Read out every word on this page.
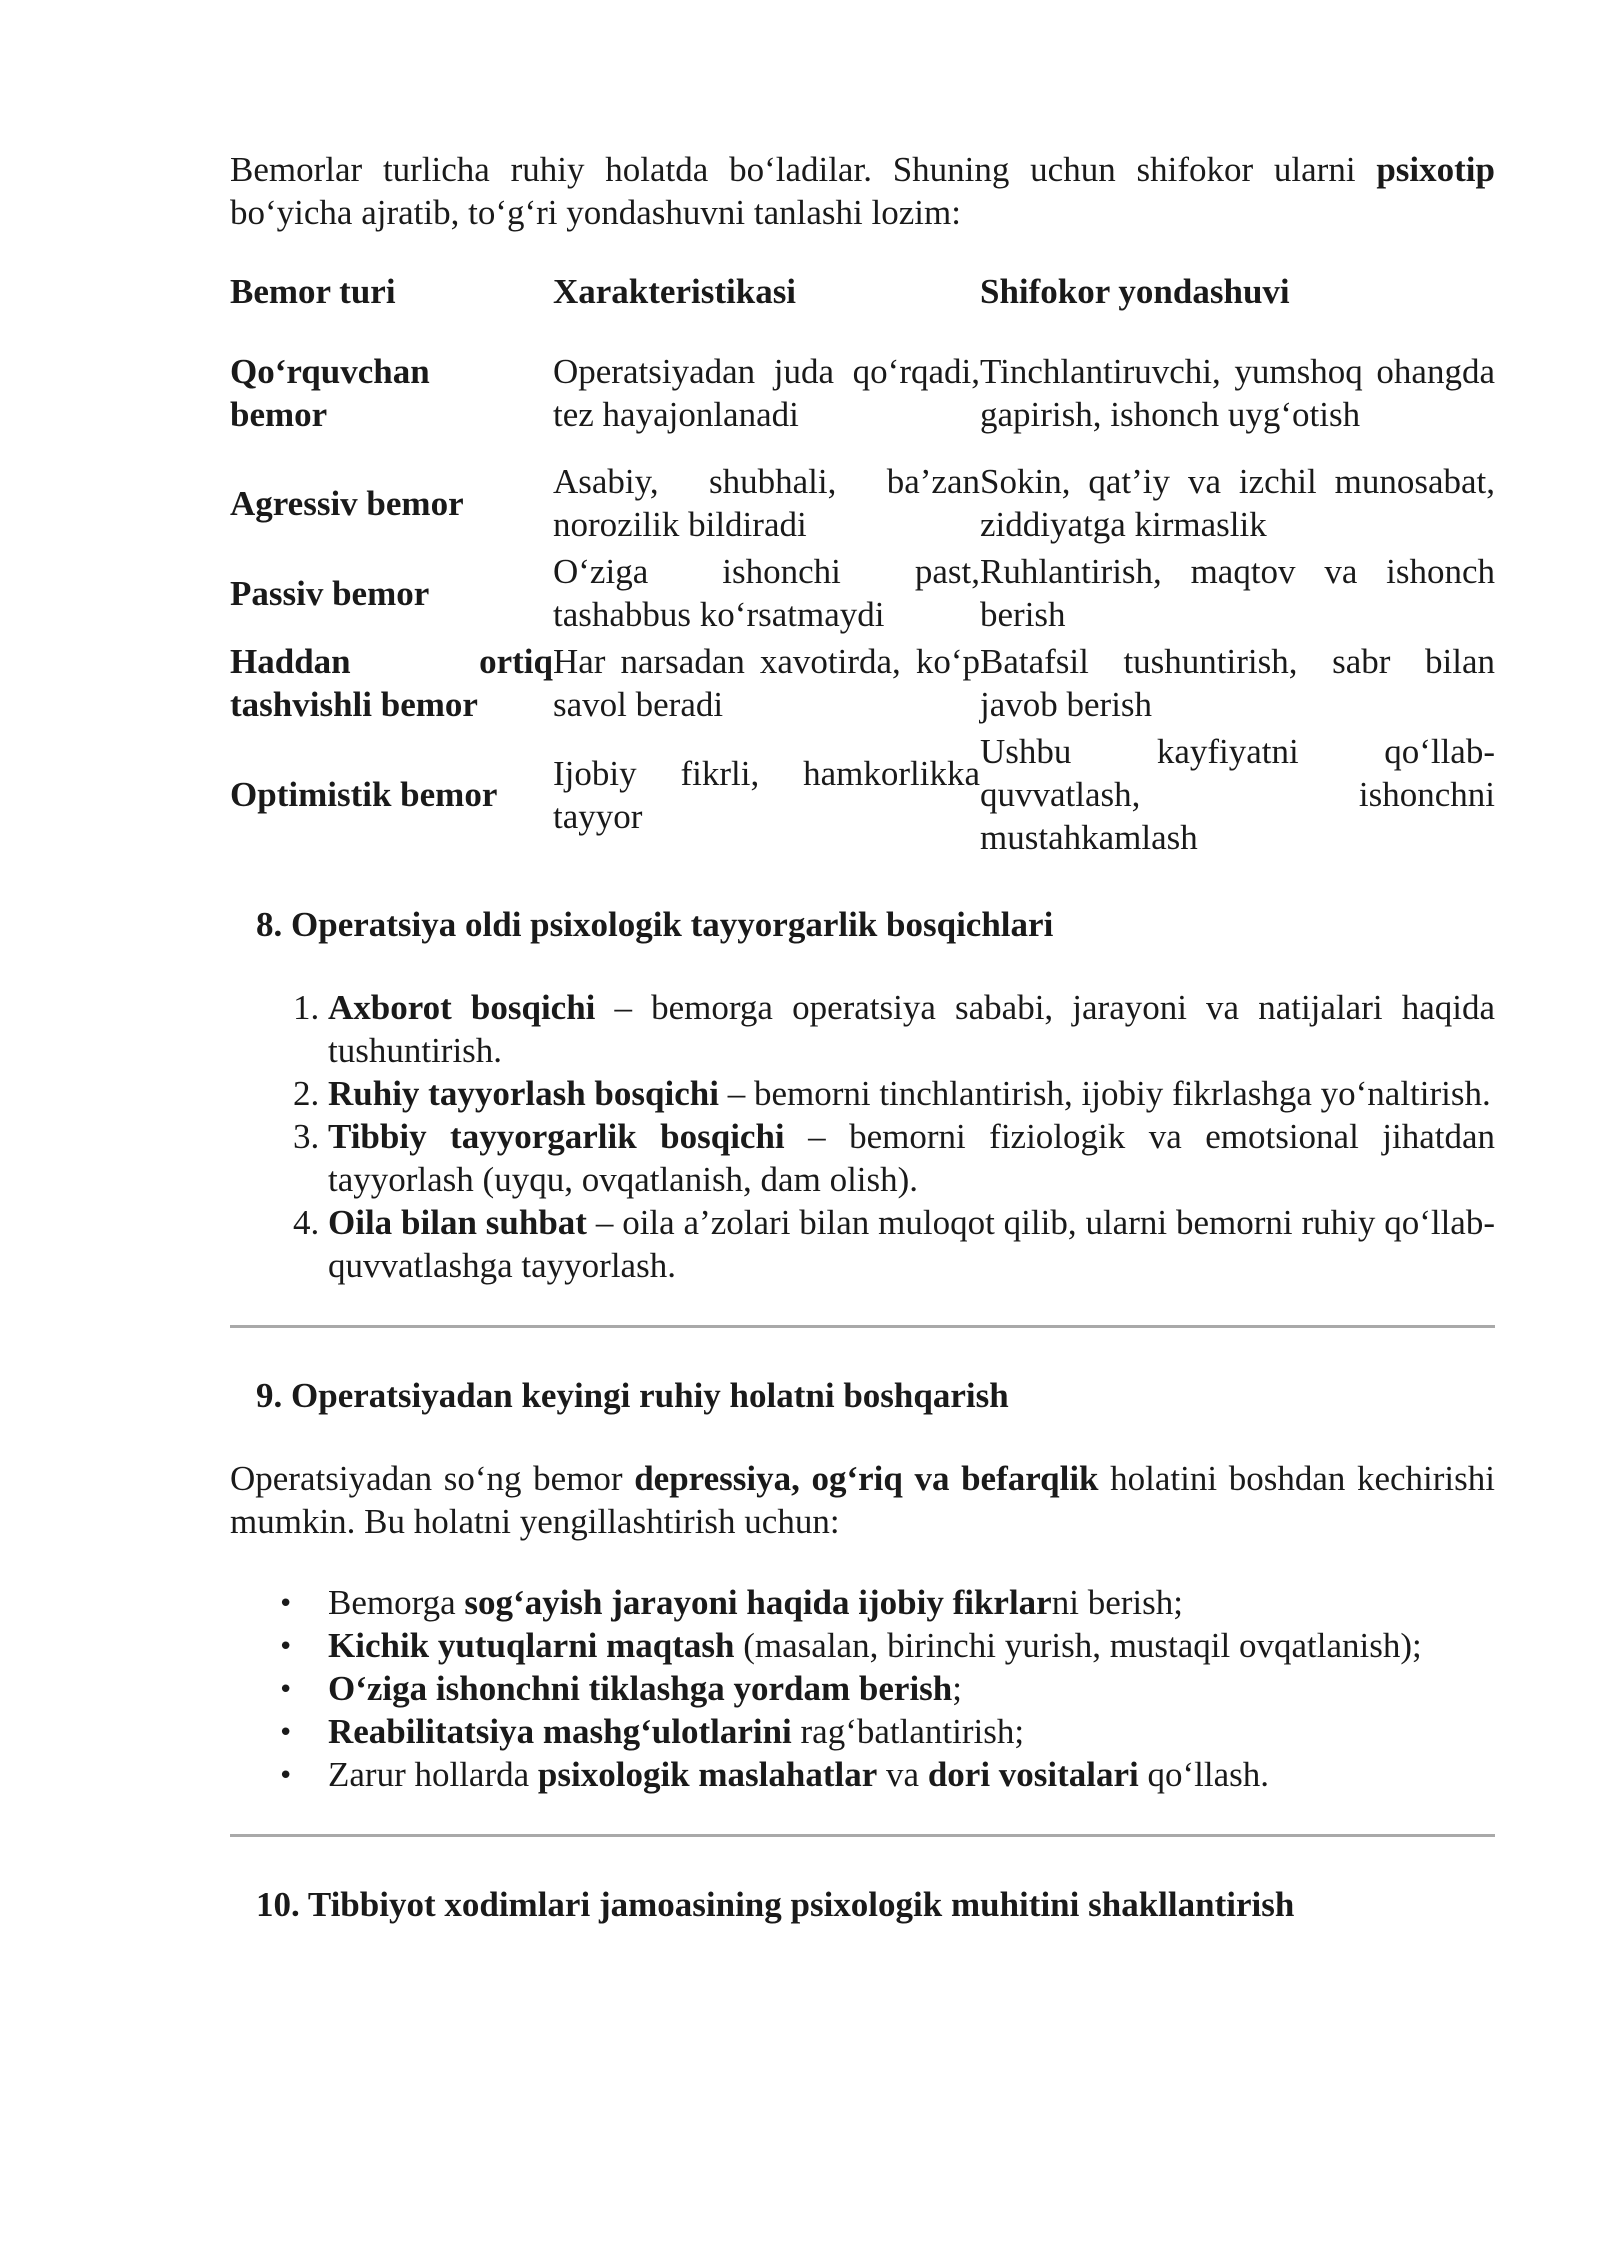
Bemorlar turlicha ruhiy holatda bo‘ladilar. Shuning uchun shifokor ularni psixotip bo‘yicha ajratib, to‘g‘ri yondashuvni tanlashi lozim:

Bemor turi	Xarakteristikasi	Shifokor yondashuvi
Qo‘rquvchan bemor	Operatsiyadan juda qo‘rqadi, tez hayajonlanadi	Tinchlantiruvchi, yumshoq ohangda gapirish, ishonch uyg‘otish
Agressiv bemor	Asabiy, shubhali, ba’zan norozilik bildiradi	Sokin, qat’iy va izchil munosabat, ziddiyatga kirmaslik
Passiv bemor	O‘ziga ishonchi past, tashabbus ko‘rsatmaydi	Ruhlantirish, maqtov va ishonch berish
Haddan ortiq tashvishli bemor	Har narsadan xavotirda, ko‘p savol beradi	Batafsil tushuntirish, sabr bilan javob berish
Optimistik bemor	Ijobiy fikrli, hamkorlikka tayyor	Ushbu kayfiyatni qo‘llab-quvvatlash, ishonchni mustahkamlash
8. Operatsiya oldi psixologik tayyorgarlik bosqichlari
1. Axborot bosqichi – bemorga operatsiya sababi, jarayoni va natijalari haqida tushuntirish.
2. Ruhiy tayyorlash bosqichi – bemorni tinchlantirish, ijobiy fikrlashga yo‘naltirish.
3. Tibbiy tayyorgarlik bosqichi – bemorni fiziologik va emotsional jihatdan tayyorlash (uyqu, ovqatlanish, dam olish).
4. Oila bilan suhbat – oila a’zolari bilan muloqot qilib, ularni bemorni ruhiy qo‘llab-quvvatlashga tayyorlash.
9. Operatsiyadan keyingi ruhiy holatni boshqarish

Operatsiyadan so‘ng bemor depressiya, og‘riq va befarqlik holatini boshdan kechirishi mumkin. Bu holatni yengillashtirish uchun:

• Bemorga sog‘ayish jarayoni haqida ijobiy fikrlarni berish;
• Kichik yutuqlarni maqtash (masalan, birinchi yurish, mustaqil ovqatlanish);
• O‘ziga ishonchni tiklashga yordam berish;
• Reabilitatsiya mashg‘ulotlarini rag‘batlantirish;
• Zarur hollarda psixologik maslahatlar va dori vositalari qo‘llash.
10. Tibbiyot xodimlari jamoasining psixologik muhitini shakllantirish
